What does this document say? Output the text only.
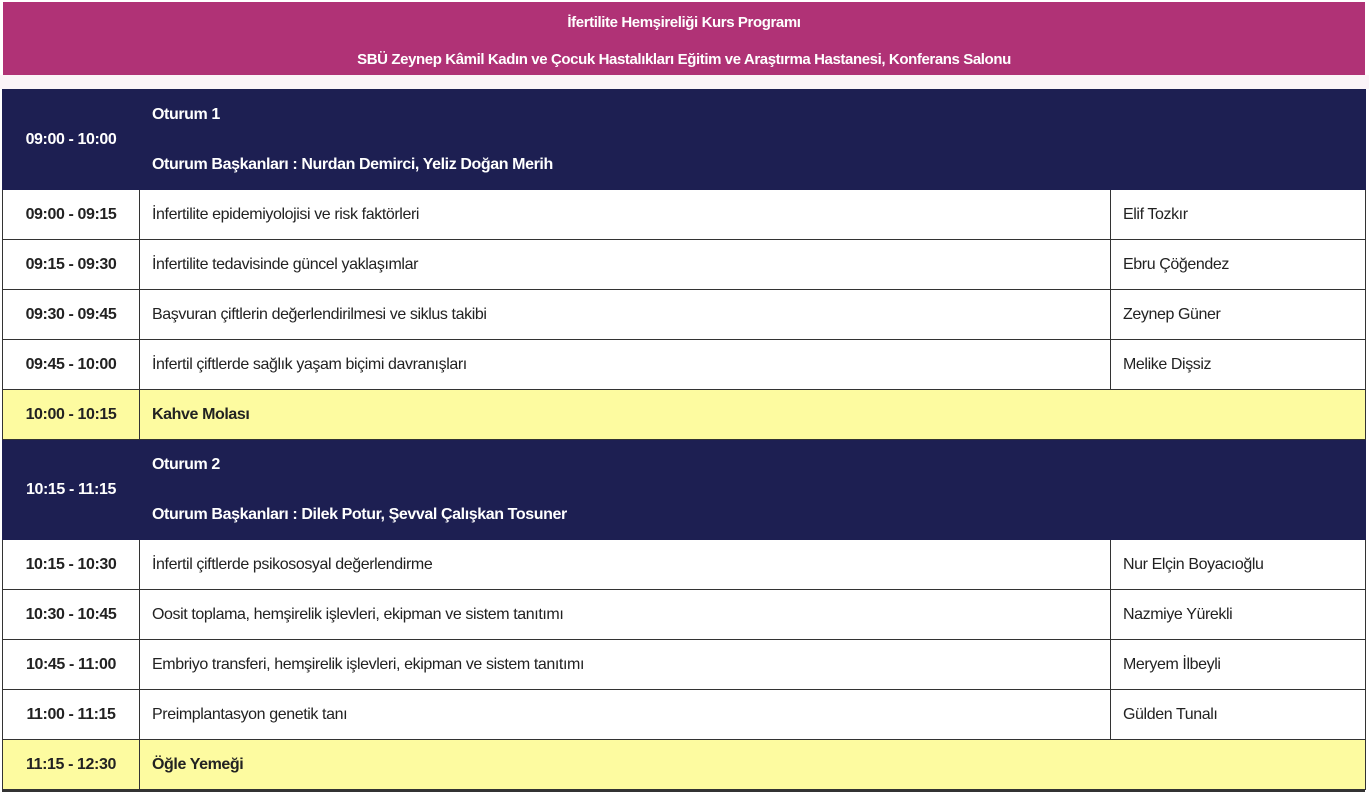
İfertilite Hemşireliği Kurs Programı
SBÜ Zeynep Kâmil Kadın ve Çocuk Hastalıkları Eğitim ve Araştırma Hastanesi, Konferans Salonu
09:00 - 10:00	Oturum 1
Oturum Başkanları : Nurdan Demirci, Yeliz Doğan Merih	
09:00 - 09:15	İnfertilite epidemiyolojisi ve risk faktörleri	Elif Tozkır
09:15 - 09:30	İnfertilite tedavisinde güncel yaklaşımlar	Ebru Çöğendez
09:30 - 09:45	Başvuran çiftlerin değerlendirilmesi ve siklus takibi	Zeynep Güner
09:45 - 10:00	İnfertil çiftlerde sağlık yaşam biçimi davranışları	Melike Dişsiz
10:00 - 10:15	Kahve Molası	
10:15 - 11:15	Oturum 2
Oturum Başkanları : Dilek Potur, Şevval Çalışkan Tosuner	
10:15 - 10:30	İnfertil çiftlerde psikososyal değerlendirme	Nur Elçin Boyacıoğlu
10:30 - 10:45	Oosit toplama, hemşirelik işlevleri, ekipman ve sistem tanıtımı	Nazmiye Yürekli
10:45 - 11:00	Embriyo transferi, hemşirelik işlevleri, ekipman ve sistem tanıtımı	Meryem İlbeyli
11:00 - 11:15	Preimplantasyon genetik tanı	Gülden Tunalı
11:15 - 12:30	Öğle Yemeği	
